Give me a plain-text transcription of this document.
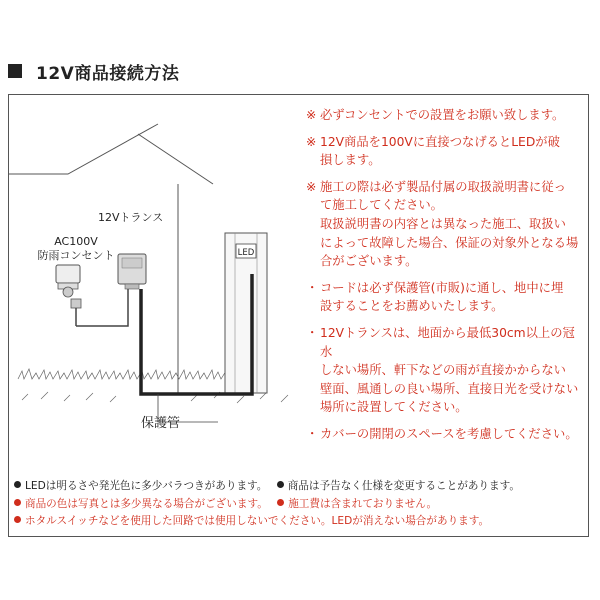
12V商品接続方法
LED
AC100V
防雨コンセント
12Vトランス
保護管
※ 必ずコンセントでの設置をお願い致します。
※ 12V商品を100Vに直接つなげるとLEDが破
損します。
※ 施工の際は必ず製品付属の取扱説明書に従っ
て施工してください。
取扱説明書の内容とは異なった施工、取扱い
によって故障した場合、保証の対象外となる場
合がございます。
・ コードは必ず保護管(市販)に通し、地中に埋
設することをお薦めいたします。
・ 12Vトランスは、地面から最低30cm以上の冠水
しない場所、軒下などの雨が直接かからない
壁面、風通しの良い場所、直接日光を受けない
場所に設置してください。
・ カバーの開閉のスペースを考慮してください。
LEDは明るさや発光色に多少バラつきがあります。 商品は予告なく仕様を変更することがあります。
商品の色は写真とは多少異なる場合がございます。 施工費は含まれておりません。
ホタルスイッチなどを使用した回路では使用しないでください。LEDが消えない場合があります。
